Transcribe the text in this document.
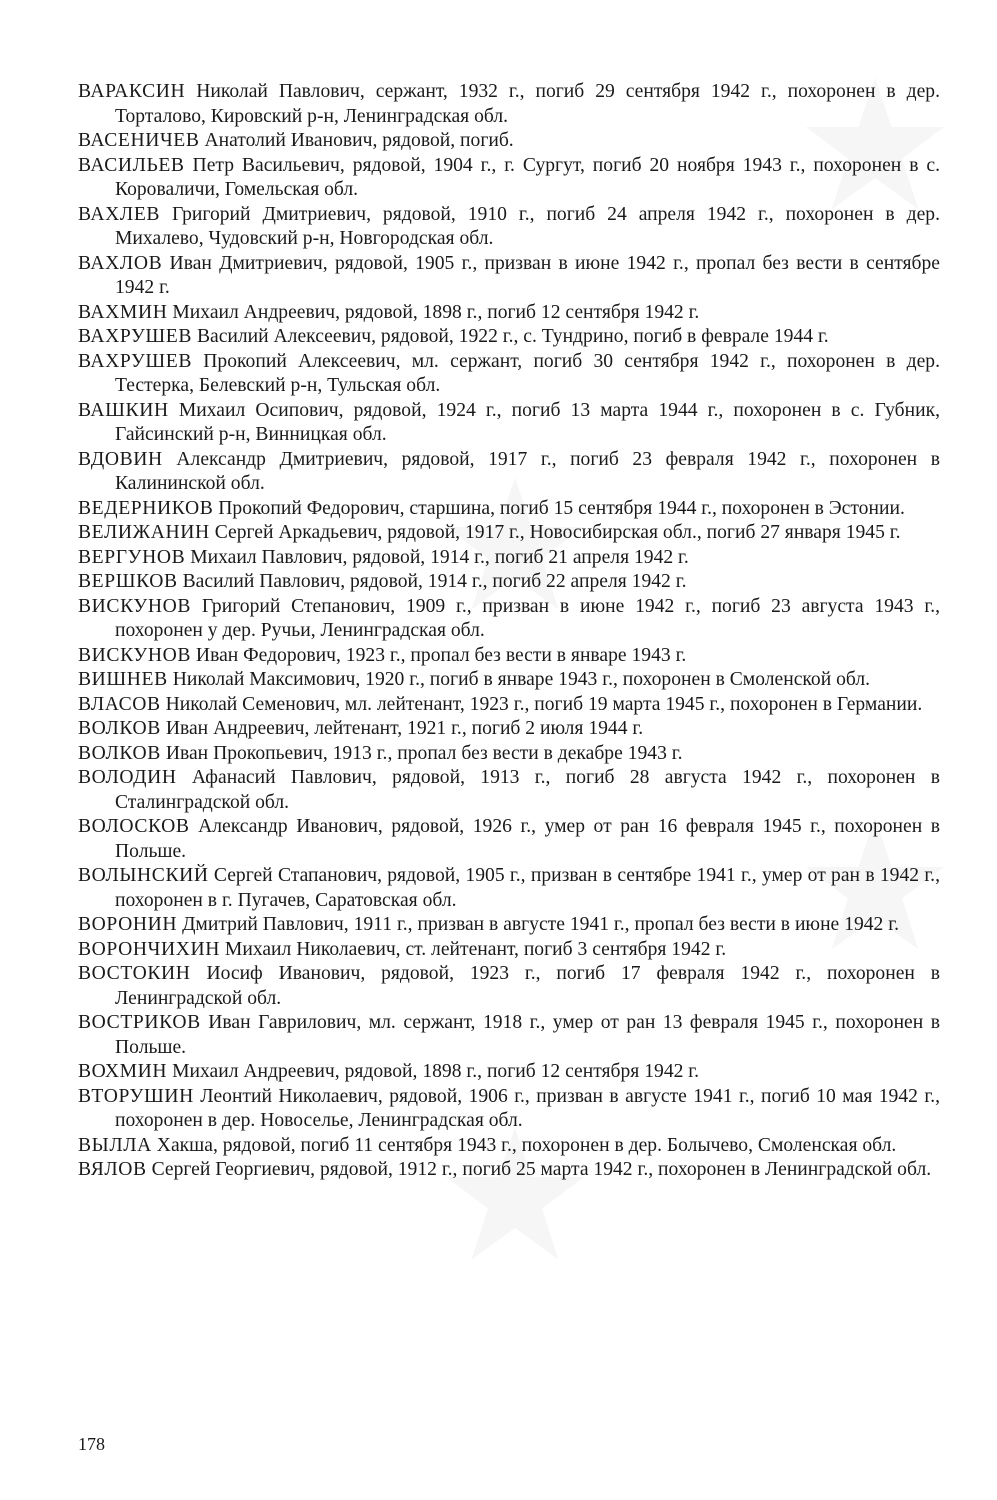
ВАРАКСИН Николай Павлович, сержант, 1932 г., погиб 29 сентября 1942 г., похоронен в дер. Торталово, Кировский р-н, Ленинградская обл.
ВАСЕНИЧЕВ Анатолий Иванович, рядовой, погиб.
ВАСИЛЬЕВ Петр Васильевич, рядовой, 1904 г., г. Сургут, погиб 20 ноября 1943 г., похоронен в с. Короваличи, Гомельская обл.
ВАХЛЕВ Григорий Дмитриевич, рядовой, 1910 г., погиб 24 апреля 1942 г., похоронен в дер. Михалево, Чудовский р-н, Новгородская обл.
ВАХЛОВ Иван Дмитриевич, рядовой, 1905 г., призван в июне 1942 г., пропал без вести в сентябре 1942 г.
ВАХМИН Михаил Андреевич, рядовой, 1898 г., погиб 12 сентября 1942 г.
ВАХРУШЕВ Василий Алексеевич, рядовой, 1922 г., с. Тундрино, погиб в феврале 1944 г.
ВАХРУШЕВ Прокопий Алексеевич, мл. сержант, погиб 30 сентября 1942 г., похоронен в дер. Тестерка, Белевский р-н, Тульская обл.
ВАШКИН Михаил Осипович, рядовой, 1924 г., погиб 13 марта 1944 г., похоронен в с. Губник, Гайсинский р-н, Винницкая обл.
ВДОВИН Александр Дмитриевич, рядовой, 1917 г., погиб 23 февраля 1942 г., похоронен в Калининской обл.
ВЕДЕРНИКОВ Прокопий Федорович, старшина, погиб 15 сентября 1944 г., похоронен в Эстонии.
ВЕЛИЖАНИН Сергей Аркадьевич, рядовой, 1917 г., Новосибирская обл., погиб 27 января 1945 г.
ВЕРГУНОВ Михаил Павлович, рядовой, 1914 г., погиб 21 апреля 1942 г.
ВЕРШКОВ Василий Павлович, рядовой, 1914 г., погиб 22 апреля 1942 г.
ВИСКУНОВ Григорий Степанович, 1909 г., призван в июне 1942 г., погиб 23 августа 1943 г., похоронен у дер. Ручьи, Ленинградская обл.
ВИСКУНОВ Иван Федорович, 1923 г., пропал без вести в январе 1943 г.
ВИШНЕВ Николай Максимович, 1920 г., погиб в январе 1943 г., похоронен в Смоленской обл.
ВЛАСОВ Николай Семенович, мл. лейтенант, 1923 г., погиб 19 марта 1945 г., похоронен в Германии.
ВОЛКОВ Иван Андреевич, лейтенант, 1921 г., погиб 2 июля 1944 г.
ВОЛКОВ Иван Прокопьевич, 1913 г., пропал без вести в декабре 1943 г.
ВОЛОДИН Афанасий Павлович, рядовой, 1913 г., погиб 28 августа 1942 г., похоронен в Сталинградской обл.
ВОЛОСКОВ Александр Иванович, рядовой, 1926 г., умер от ран 16 февраля 1945 г., похоронен в Польше.
ВОЛЫНСКИЙ Сергей Стапанович, рядовой, 1905 г., призван в сентябре 1941 г., умер от ран в 1942 г., похоронен в г. Пугачев, Саратовская обл.
ВОРОНИН Дмитрий Павлович, 1911 г., призван в августе 1941 г., пропал без вести в июне 1942 г.
ВОРОНЧИХИН Михаил Николаевич, ст. лейтенант, погиб 3 сентября 1942 г.
ВОСТОКИН Иосиф Иванович, рядовой, 1923 г., погиб 17 февраля 1942 г., похоронен в Ленинградской обл.
ВОСТРИКОВ Иван Гаврилович, мл. сержант, 1918 г., умер от ран 13 февраля 1945 г., похоронен в Польше.
ВОХМИН Михаил Андреевич, рядовой, 1898 г., погиб 12 сентября 1942 г.
ВТОРУШИН Леонтий Николаевич, рядовой, 1906 г., призван в августе 1941 г., погиб 10 мая 1942 г., похоронен в дер. Новоселье, Ленинградская обл.
ВЫЛЛА Хакша, рядовой, погиб 11 сентября 1943 г., похоронен в дер. Болычево, Смоленская обл.
ВЯЛОВ Сергей Георгиевич, рядовой, 1912 г., погиб 25 марта 1942 г., похоронен в Ленинградской обл.
178
